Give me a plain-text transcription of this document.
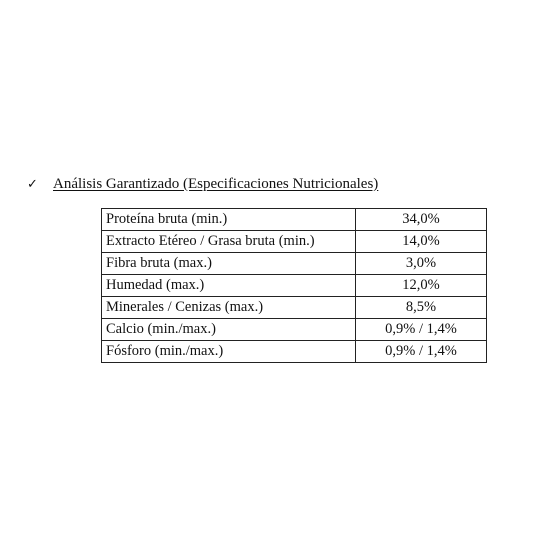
✓	Análisis Garantizado (Especificaciones Nutricionales)
Proteína bruta (min.)	34,0%
Extracto Etéreo / Grasa bruta (min.)	14,0%
Fibra bruta (max.)	3,0%
Humedad (max.)	12,0%
Minerales / Cenizas (max.)	8,5%
Calcio (min./max.)	0,9% / 1,4%
Fósforo (min./max.)	0,9% / 1,4%
